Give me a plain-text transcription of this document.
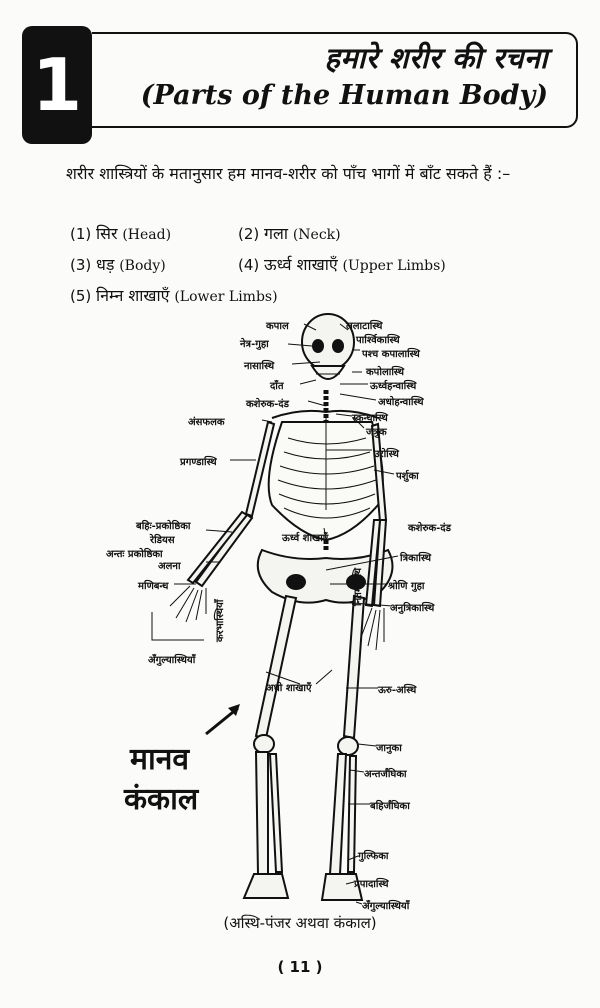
1	हमारे शरीर की रचना
(Parts of the Human Body)
शरीर शास्त्रियों के मतानुसार हम मानव-शरीर को पाँच भागों में बाँट सकते हैं :–
(1) सिर (Head)	(2) गला (Neck)
(3) धड़ (Body)	(4) ऊर्ध्व शाखाएँ (Upper Limbs)
(5) निम्न शाखाएँ (Lower Limbs)
कपाल	ललाटास्थि
नेत्र-गुहा	पार्श्विकास्थि
पश्च कपालास्थि
नासास्थि
कपोलास्थि
दाँत	ऊर्ध्वहन्वास्थि
अधोहन्वास्थि
कशेरुक-दंड
स्कन्धास्थि
अंसफलक
जत्रुक
उरोस्थि
प्रगण्डास्थि
पर्शुका
बहिः-प्रकोष्ठिका
रेडियस
कशेरुक-दंड
ऊर्ध्व शाखाएँ
अन्तः प्रकोष्ठिका	त्रिकास्थि
अलना
नितम्बास्थि
मणिबन्ध	श्रोणि गुहा
करभास्थियाँ	अनुत्रिकास्थि
अँगुल्यास्थियाँ
अधो शाखाएँ	ऊरु-अस्थि
जानुका
अन्तर्जंघिका
बहिर्जंघिका
गुल्फिका
प्रपादास्थि
अँगुल्यास्थियाँ
मानव
कंकाल
(अस्थि-पंजर अथवा कंकाल)
( 11 )
